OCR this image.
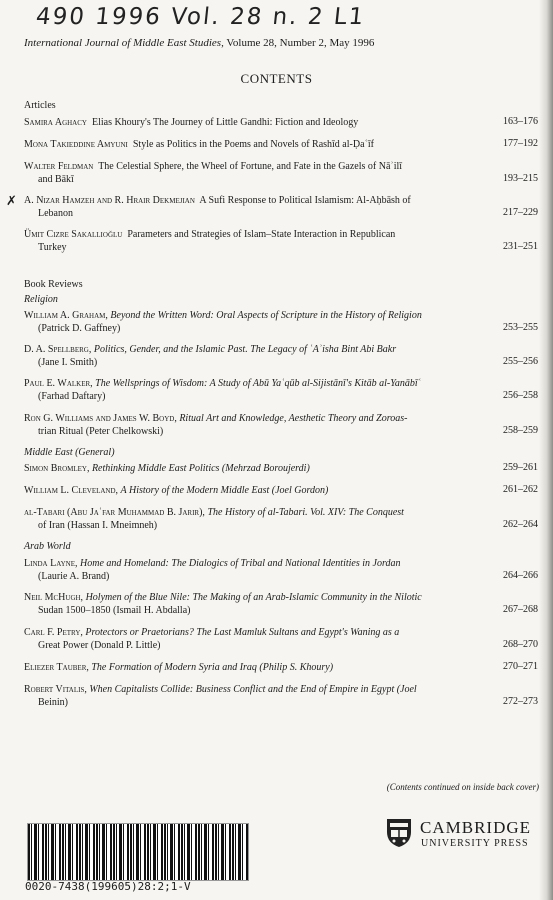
490 1996 Vol. 28 n. 2 L1
International Journal of Middle East Studies, Volume 28, Number 2, May 1996
CONTENTS
Articles
✗
Samira Aghacy Elias Khoury's The Journey of Little Gandhi: Fiction and Ideology	163–176
Mona Takieddine Amyuni Style as Politics in the Poems and Novels of Rashīd al-Ḍaʿīf	177–192
Walter Feldman The Celestial Sphere, the Wheel of Fortune, and Fate in the Gazels of Nāʾilī
and Bākī	193–215
A. Nizar Hamzeh and R. Hrair Dekmejian A Sufi Response to Political Islamism: Al-Aḥbāsh of
Lebanon	217–229
Ümit Cizre Sakallioğlu Parameters and Strategies of Islam–State Interaction in Republican
Turkey	231–251
Book Reviews
Religion
William A. Graham, Beyond the Written Word: Oral Aspects of Scripture in the History of Religion
(Patrick D. Gaffney)	253–255
D. A. Spellberg, Politics, Gender, and the Islamic Past. The Legacy of ʿAʾisha Bint Abi Bakr
(Jane I. Smith)	255–256
Paul E. Walker, The Wellsprings of Wisdom: A Study of Abū Yaʿqūb al-Sijistānī's Kitāb al-Yanābīʿ
(Farhad Daftary)	256–258
Ron G. Williams and James W. Boyd, Ritual Art and Knowledge, Aesthetic Theory and Zoroas-
trian Ritual (Peter Chelkowski)	258–259
Middle East (General)
Simon Bromley, Rethinking Middle East Politics (Mehrzad Boroujerdi)	259–261
William L. Cleveland, A History of the Modern Middle East (Joel Gordon)	261–262
al-Tabari (Abu Jaʿfar Muhammad B. Jarir), The History of al-Tabari. Vol. XIV: The Conquest
of Iran (Hassan I. Mneimneh)	262–264
Arab World
Linda Layne, Home and Homeland: The Dialogics of Tribal and National Identities in Jordan
(Laurie A. Brand)	264–266
Neil McHugh, Holymen of the Blue Nile: The Making of an Arab-Islamic Community in the Nilotic
Sudan 1500–1850 (Ismail H. Abdalla)	267–268
Carl F. Petry, Protectors or Praetorians? The Last Mamluk Sultans and Egypt's Waning as a
Great Power (Donald P. Little)	268–270
Eliezer Tauber, The Formation of Modern Syria and Iraq (Philip S. Khoury)	270–271
Robert Vitalis, When Capitalists Collide: Business Conflict and the End of Empire in Egypt (Joel
Beinin)	272–273
(Contents continued on inside back cover)
0020-7438(199605)28:2;1-V
CAMBRIDGE
UNIVERSITY PRESS
